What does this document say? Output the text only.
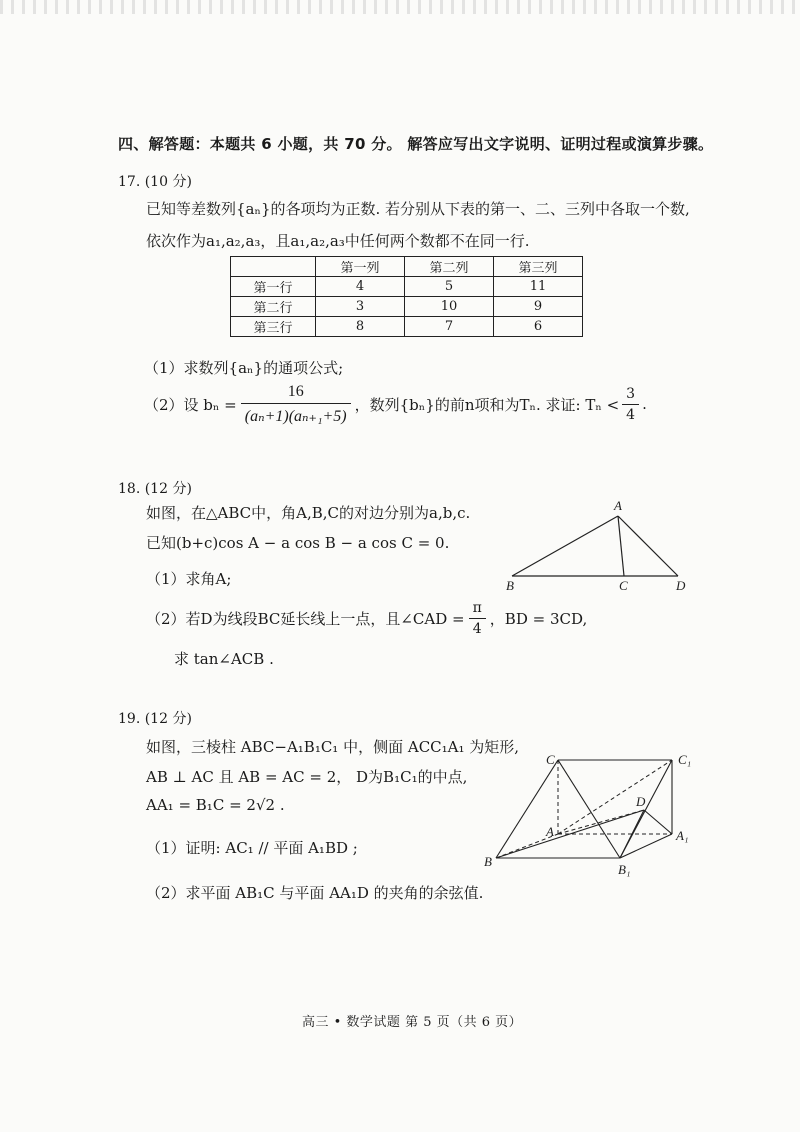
四、解答题：本题共 6 小题，共 70 分。 解答应写出文字说明、证明过程或演算步骤。
17. (10 分)
已知等差数列{aₙ}的各项均为正数. 若分别从下表的第一、二、三列中各取一个数,
依次作为a₁,a₂,a₃，且a₁,a₂,a₃中任何两个数都不在同一行.
	第一列	第二列	第三列
第一行	4	5	11
第二行	3	10	9
第三行	8	7	6
（1）求数列{aₙ}的通项公式;
（2）设 $b_n = \frac{16}{\text{(aₙ+1)(aₙ₊₁+5)}}$ ，数列{bₙ}的前n项和为Tₙ. 求证: $T_n < \frac{3}{4}$ .
18. (12 分)
如图，在△ABC中，角A,B,C的对边分别为a,b,c.
已知(b+c)cos A − a cos B − a cos C = 0.
（1）求角A;
（2）若D为线段BC延长线上一点，且∠CAD = $\frac{\pi}{4}$ ，BD = 3CD,
求 tan∠ACB .
A
B	C	D
19. (12 分)
如图，三棱柱 ABC−A₁B₁C₁ 中，侧面 ACC₁A₁ 为矩形,
AB ⊥ AC 且 AB = AC = 2， D为B₁C₁的中点,
AA₁ = B₁C = 2√2 .
（1）证明: AC₁ // 平面 A₁BD ;
（2）求平面 AB₁C 与平面 AA₁D 的夹角的余弦值.
C	C₁
D
A	A₁
B
B₁
高三 • 数学试题 第 5 页（共 6 页）
